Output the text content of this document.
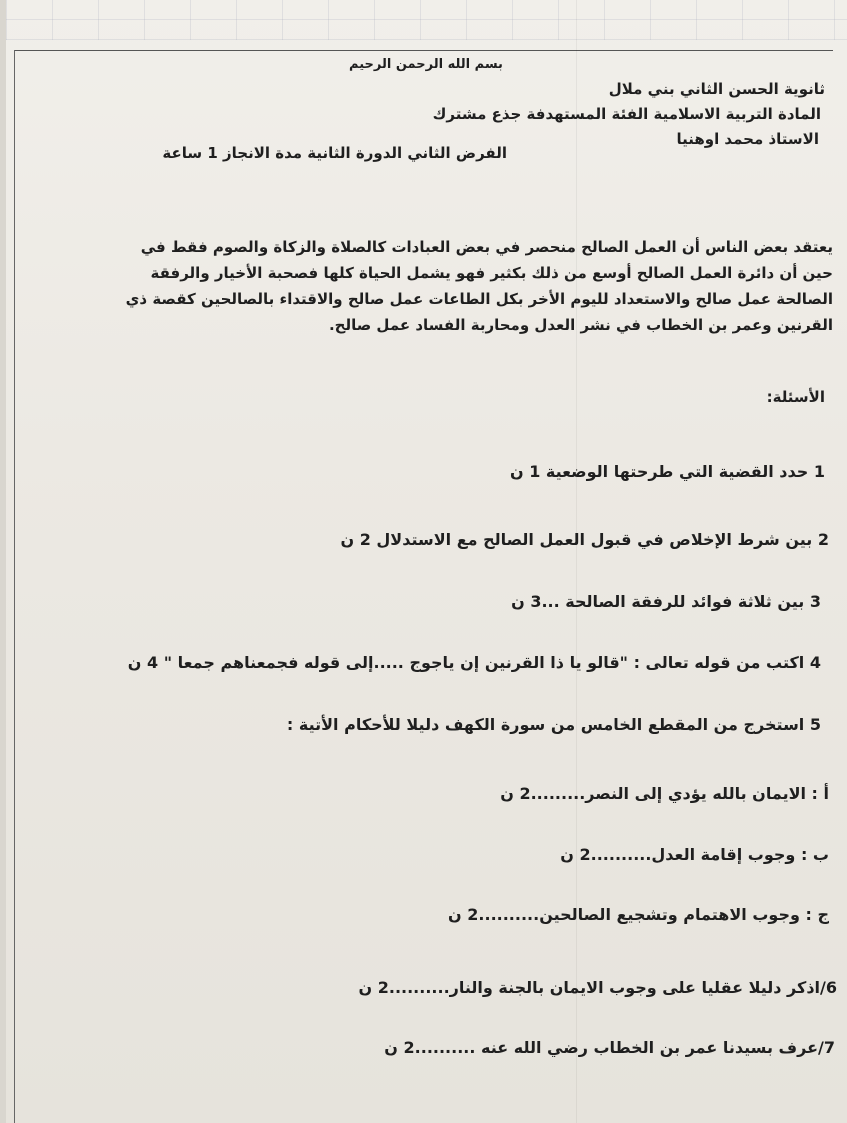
بسم الله الرحمن الرحيم
ثانوية الحسن الثاني بني ملال
المادة التربية الاسلامية الفئة المستهدفة جذع مشترك
الاستاذ محمد اوهنيا
الفرض الثاني الدورة الثانية مدة الانجاز 1 ساعة
يعتقد بعض الناس أن العمل الصالح منحصر في بعض العبادات كالصلاة والزكاة والصوم فقط في
حين أن دائرة العمل الصالح أوسع من ذلك بكثير فهو يشمل الحياة كلها فصحبة الأخيار والرفقة
الصالحة عمل صالح والاستعداد لليوم الأخر بكل الطاعات عمل صالح والاقتداء بالصالحين كقصة ذي
القرنين وعمر بن الخطاب في نشر العدل ومحاربة الفساد عمل صالح.
الأسئلة:
1 حدد القضية التي طرحتها الوضعية 1 ن
2 بين شرط الإخلاص في قبول العمل الصالح مع الاستدلال 2 ن
3 بين ثلاثة فوائد للرفقة الصالحة ...3 ن
4 اكتب من قوله تعالى : "قالو يا ذا القرنين إن ياجوج .....إلى قوله فجمعناهم جمعا " 4 ن
5 استخرج من المقطع الخامس من سورة الكهف دليلا للأحكام الأتية :
أ : الايمان بالله يؤدي إلى النصر.........2 ن
ب : وجوب إقامة العدل..........2 ن
ج : وجوب الاهتمام وتشجيع الصالحين..........2 ن
6/اذكر دليلا عقليا على وجوب الايمان بالجنة والنار..........2 ن
7/عرف بسيدنا عمر بن الخطاب رضي الله عنه ..........2 ن
